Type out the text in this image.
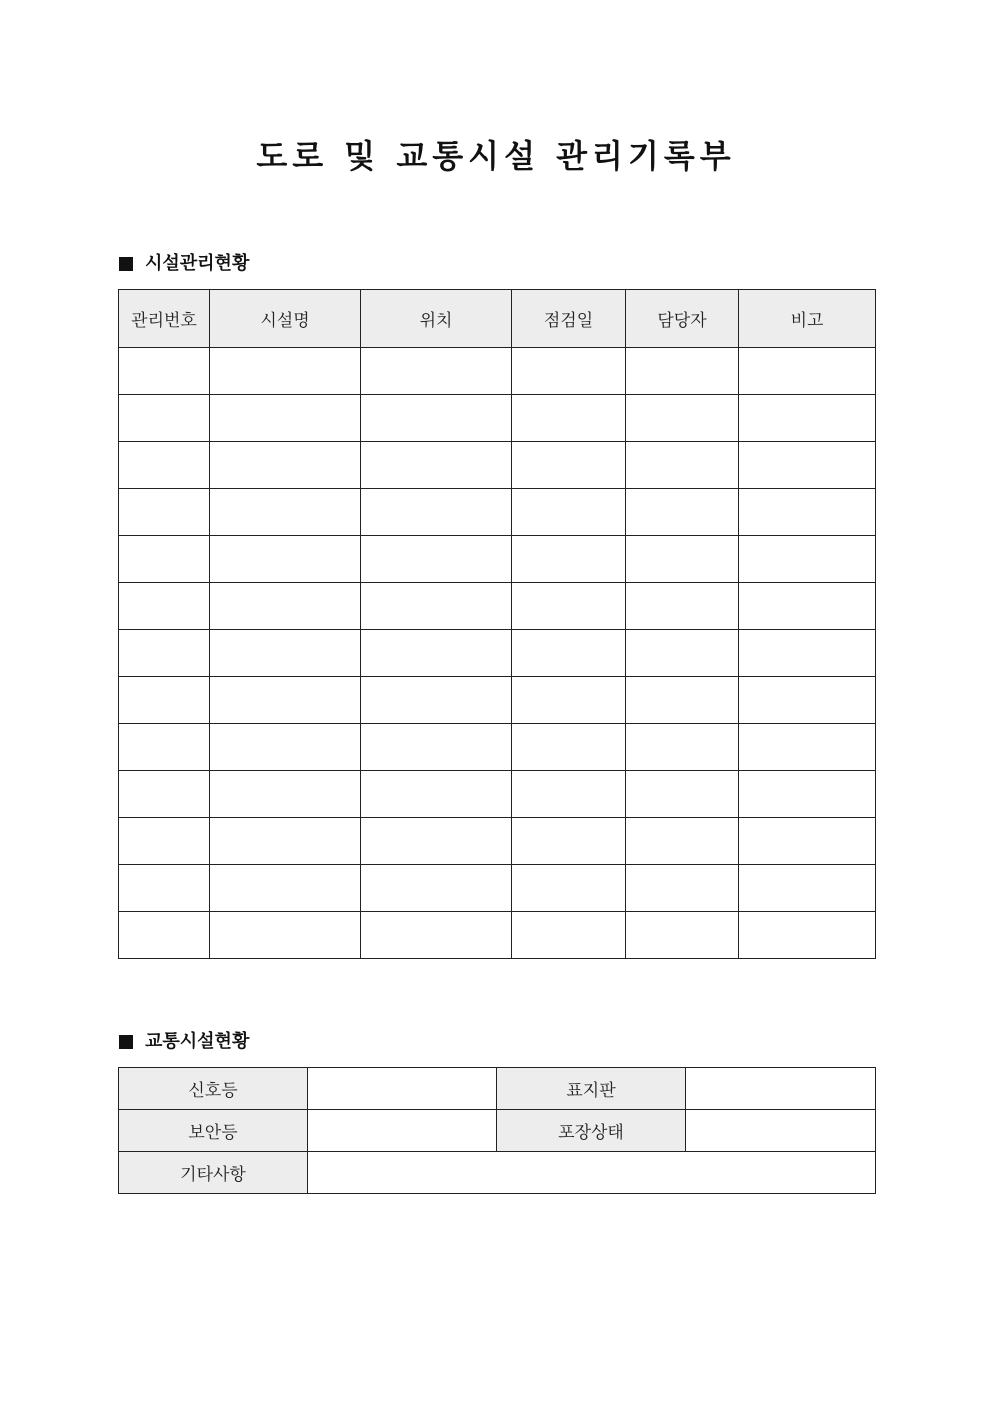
도로 및 교통시설 관리기록부
시설관리현황
관리번호	시설명	위치	점검일	담당자	비고

교통시설현황
신호등		표지판	
보안등		포장상태	
기타사항			
